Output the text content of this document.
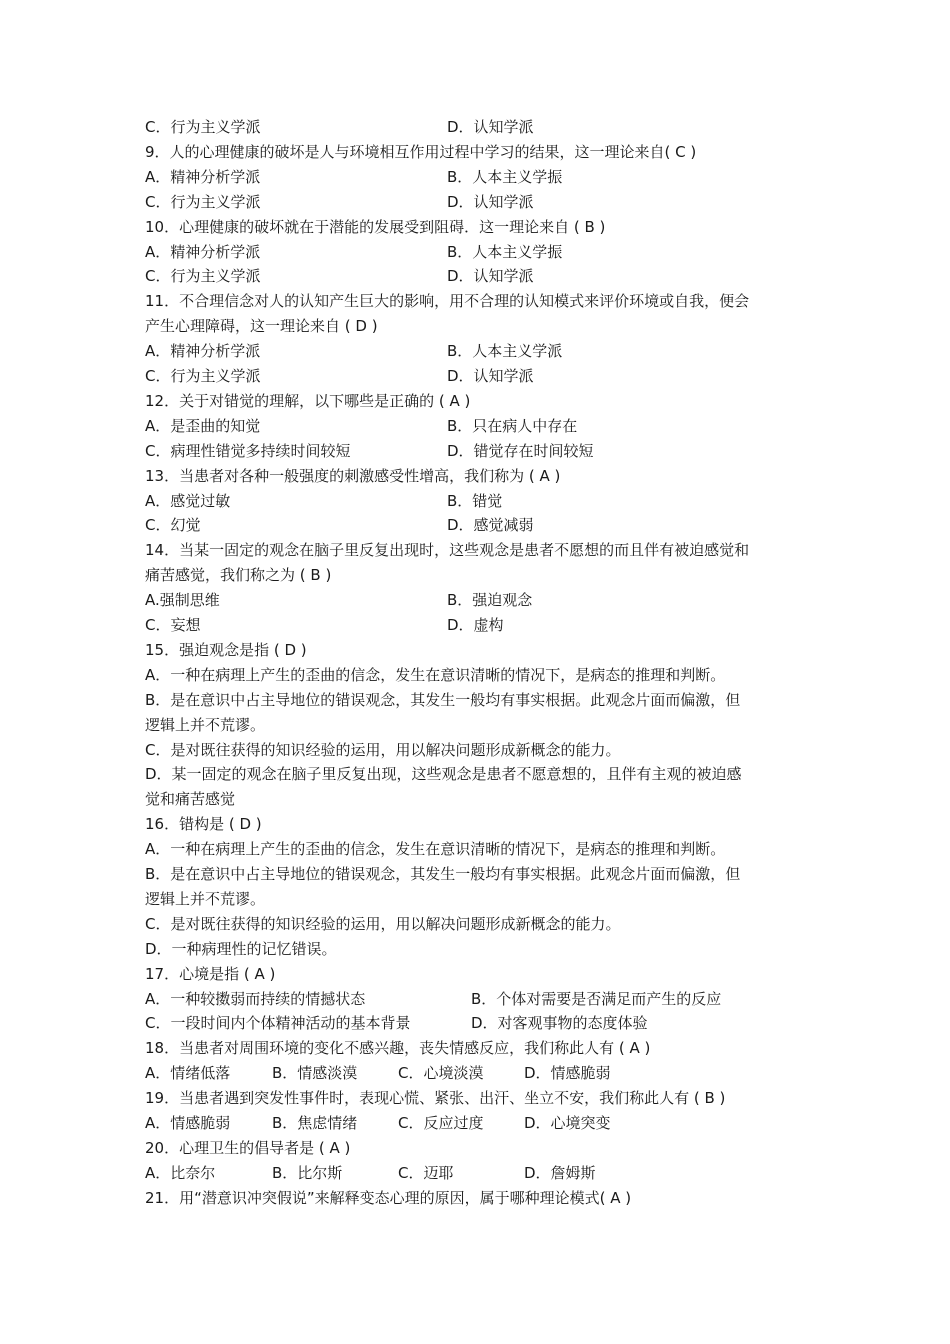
C．行为主义学派	D．认知学派
9．人的心理健康的破坏是人与环境相互作用过程中学习的结果，这一理论来自( C )
A．精神分析学派	B．人本主义学振
C．行为主义学派	D．认知学派
10．心理健康的破坏就在于潜能的发展受到阻碍．这一理论来自 ( B )
A．精神分析学派	B．人本主义学振
C．行为主义学派	D．认知学派
11．不合理信念对人的认知产生巨大的影响，用不合理的认知模式来评价环境或自我，便会
产生心理障碍，这一理论来自 ( D )
A．精神分析学派	B．人本主义学派
C．行为主义学派	D．认知学派
12．关于对错觉的理解，以下哪些是正确的 ( A )
A．是歪曲的知觉	B．只在病人中存在
C．病理性错觉多持续时间较短	D．错觉存在时间较短
13．当患者对各种一般强度的刺激感受性增高，我们称为 ( A )
A．感觉过敏	B．错觉
C．幻觉	D．感觉减弱
14．当某一固定的观念在脑子里反复出现时，这些观念是患者不愿想的而且伴有被迫感觉和
痛苦感觉，我们称之为 ( B )
A.强制思维	B．强迫观念
C．妄想	D．虚构
15．强迫观念是指 ( D )
A．一种在病理上产生的歪曲的信念，发生在意识清晰的情况下，是病态的推理和判断。
B．是在意识中占主导地位的错误观念，其发生一般均有事实根据。此观念片面而偏激，但
逻辑上并不荒谬。
C．是对既往获得的知识经验的运用，用以解决问题形成新概念的能力。
D．某一固定的观念在脑子里反复出现，这些观念是患者不愿意想的，且伴有主观的被迫感
觉和痛苦感觉
16．错构是 ( D )
A．一种在病理上产生的歪曲的信念，发生在意识清晰的情况下，是病态的推理和判断。
B．是在意识中占主导地位的错误观念，其发生一般均有事实根据。此观念片面而偏激，但
逻辑上并不荒谬。
C．是对既往获得的知识经验的运用，用以解决问题形成新概念的能力。
D．一种病理性的记忆错误。
17．心境是指 ( A )
A．一种较擞弱而持续的情撼状态	B．个体对需要是否满足而产生的反应
C．一段时间内个体精神活动的基本背景	D．对客观事物的态度体验
18．当患者对周围环境的变化不感兴趣，丧失情感反应，我们称此人有 ( A )
A．情绪低落	B．情感淡漠	C．心境淡漠	D．情感脆弱
19．当患者遇到突发性事件时，表现心慌、紧张、出汗、坐立不安，我们称此人有 ( B )
A．情感脆弱	B．焦虑情绪	C．反应过度	D．心境突变
20．心理卫生的倡导者是 ( A )
A．比奈尔	B．比尔斯	C．迈耶	D．詹姆斯
21．用“潜意识冲突假说”来解释变态心理的原因，属于哪种理论模式( A )
